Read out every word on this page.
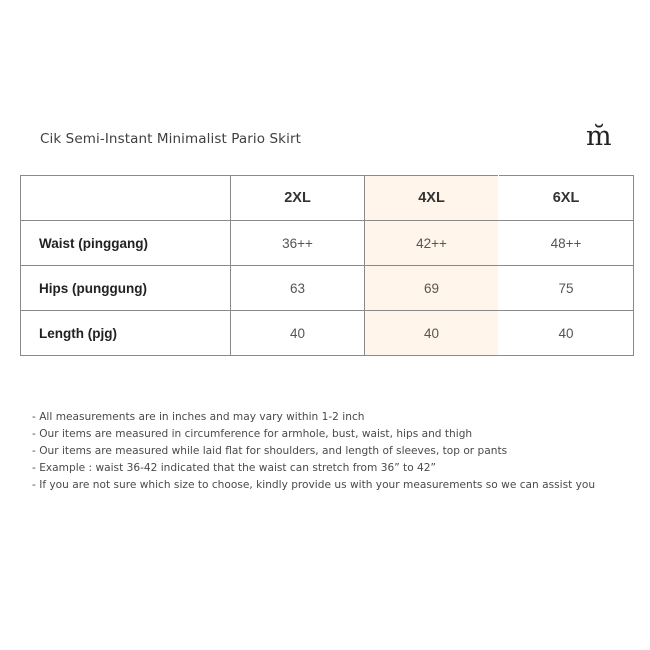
Cik Semi-Instant Minimalist Pario Skirt	m̆
	2XL	4XL	6XL
Waist (pinggang)	36++	42++	48++
Hips (punggung)	63	69	75
Length (pjg)	40	40	40
- All measurements are in inches and may vary within 1-2 inch
- Our items are measured in circumference for armhole, bust, waist, hips and thigh
- Our items are measured while laid flat for shoulders, and length of sleeves, top or pants
- Example : waist 36-42 indicated that the waist can stretch from 36” to 42”
- If you are not sure which size to choose, kindly provide us with your measurements so we can assist you
